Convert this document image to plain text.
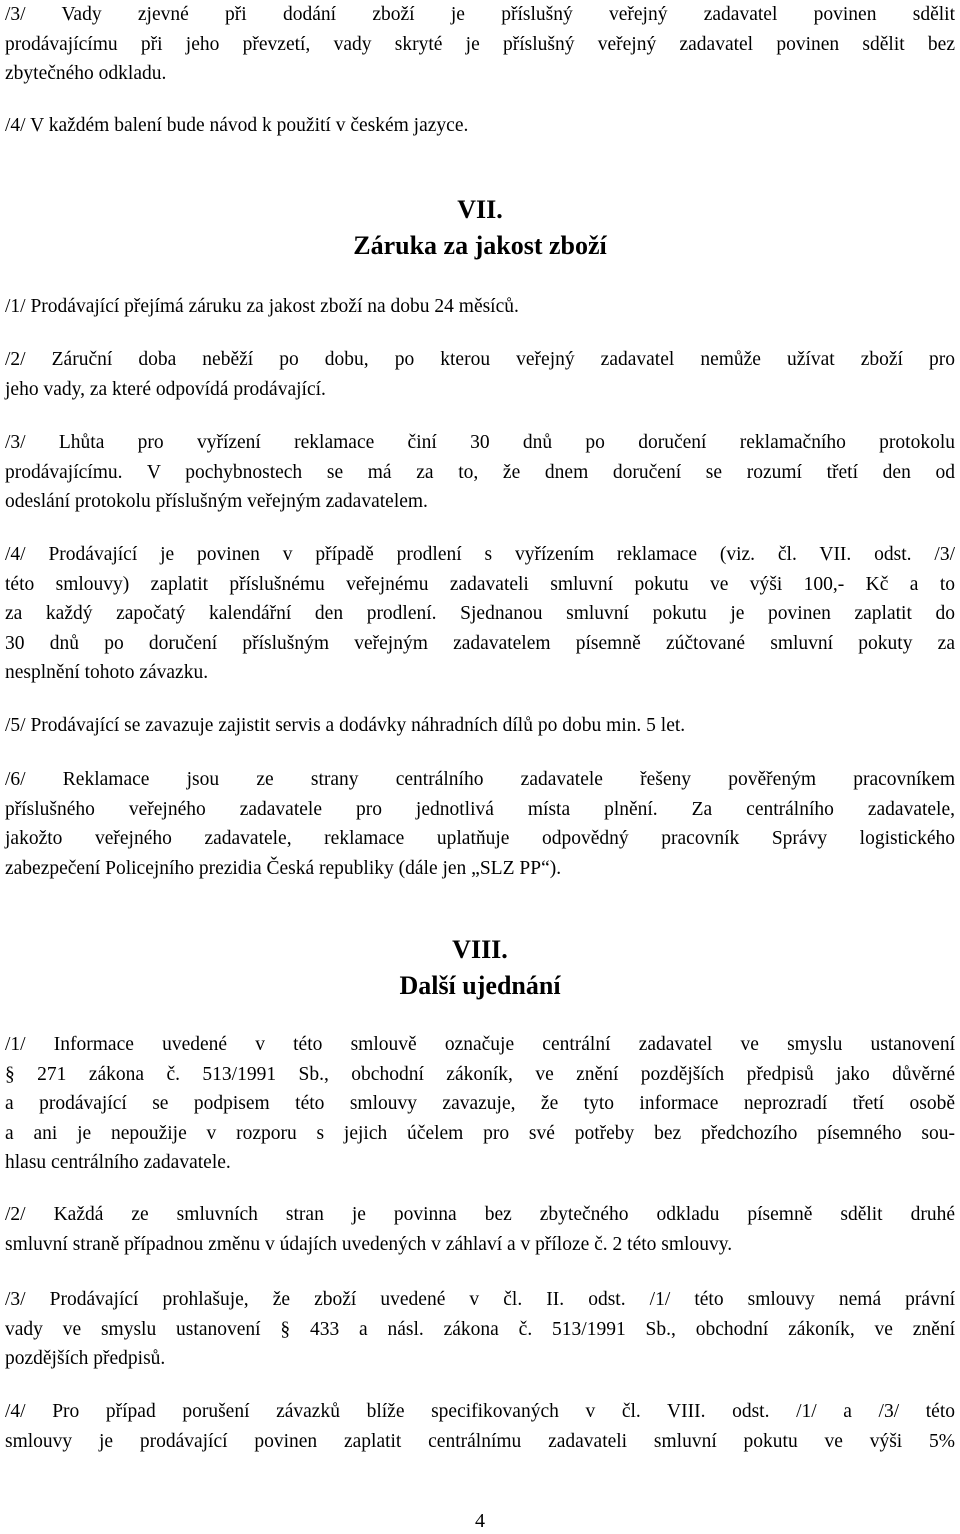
/3/ Vady zjevné při dodání zboží je příslušný veřejný zadavatel povinen sdělit
prodávajícímu při jeho převzetí, vady skryté je příslušný veřejný zadavatel povinen sdělit bez
zbytečného odkladu.
/4/ V každém balení bude návod k použití v českém jazyce.
VII.
Záruka za jakost zboží
/1/ Prodávající přejímá záruku za jakost zboží na dobu 24 měsíců.
/2/ Záruční doba neběží po dobu, po kterou veřejný zadavatel nemůže užívat zboží pro
jeho vady, za které odpovídá prodávající.
/3/ Lhůta pro vyřízení reklamace činí 30 dnů po doručení reklamačního protokolu
prodávajícímu. V pochybnostech se má za to, že dnem doručení se rozumí třetí den od
odeslání protokolu příslušným veřejným zadavatelem.
/4/ Prodávající je povinen v případě prodlení s vyřízením reklamace (viz. čl. VII. odst. /3/
této smlouvy) zaplatit příslušnému veřejnému zadavateli smluvní pokutu ve výši 100,- Kč a to
za každý započatý kalendářní den prodlení. Sjednanou smluvní pokutu je povinen zaplatit do
30 dnů po doručení příslušným veřejným zadavatelem písemně zúčtované smluvní pokuty za
nesplnění tohoto závazku.
/5/ Prodávající se zavazuje zajistit servis a dodávky náhradních dílů po dobu min. 5 let.
/6/ Reklamace jsou ze strany centrálního zadavatele řešeny pověřeným pracovníkem
příslušného veřejného zadavatele pro jednotlivá místa plnění. Za centrálního zadavatele,
jakožto veřejného zadavatele, reklamace uplatňuje odpovědný pracovník Správy logistického
zabezpečení Policejního prezidia Česká republiky (dále jen „SLZ PP“).
VIII.
Další ujednání
/1/ Informace uvedené v této smlouvě označuje centrální zadavatel ve smyslu ustanovení
§ 271 zákona č. 513/1991 Sb., obchodní zákoník, ve znění pozdějších předpisů jako důvěrné
a prodávající se podpisem této smlouvy zavazuje, že tyto informace neprozradí třetí osobě
a ani je nepoužije v rozporu s jejich účelem pro své potřeby bez předchozího písemného sou-
hlasu centrálního zadavatele.
/2/ Každá ze smluvních stran je povinna bez zbytečného odkladu písemně sdělit druhé
smluvní straně případnou změnu v údajích uvedených v záhlaví a v příloze č. 2 této smlouvy.
/3/ Prodávající prohlašuje, že zboží uvedené v čl. II. odst. /1/ této smlouvy nemá právní
vady ve smyslu ustanovení § 433 a násl. zákona č. 513/1991 Sb., obchodní zákoník, ve znění
pozdějších předpisů.
/4/ Pro případ porušení závazků blíže specifikovaných v čl. VIII. odst. /1/ a /3/ této
smlouvy je prodávající povinen zaplatit centrálnímu zadavateli smluvní pokutu ve výši 5%
4
